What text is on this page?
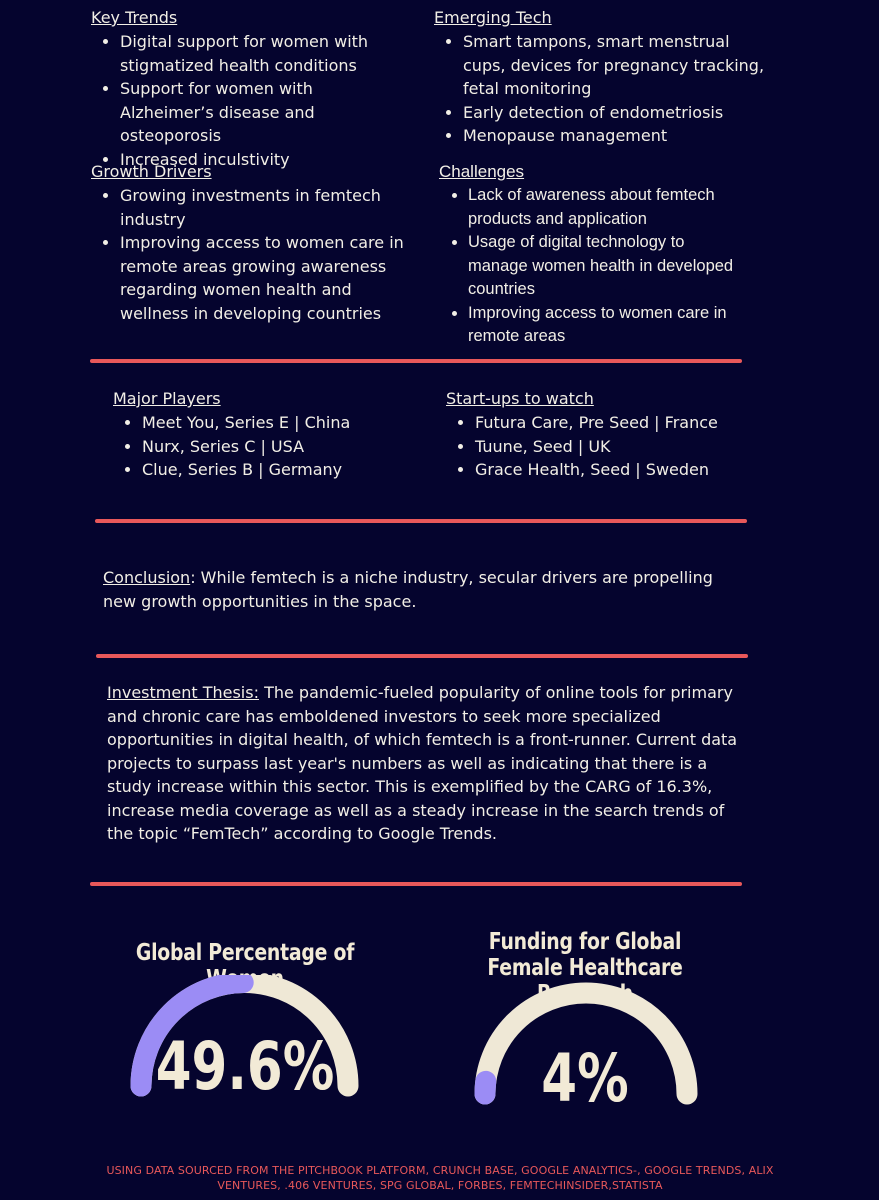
Key Trends

• Digital support for women with stigmatized health conditions
• Support for women with Alzheimer’s disease and osteoporosis
• Increased inculstivity

Emerging Tech

• Smart tampons, smart menstrual cups, devices for pregnancy tracking, fetal monitoring
• Early detection of endometriosis
• Menopause management

Growth Drivers

• Growing investments in femtech industry
• Improving access to women care in remote areas growing awareness regarding women health and wellness in developing countries

Challenges

• Lack of awareness about femtech products and application
• Usage of digital technology to manage women health in developed countries
• Improving access to women care in remote areas

Major Players

• Meet You, Series E | China
• Nurx, Series C | USA
• Clue, Series B | Germany

Start-ups to watch

• Futura Care, Pre Seed | France
• Tuune, Seed | UK
• Grace Health, Seed | Sweden

Conclusion: While femtech is a niche industry, secular drivers are propelling new growth opportunities in the space.

Investment Thesis: The pandemic-fueled popularity of online tools for primary and chronic care has emboldened investors to seek more specialized opportunities in digital health, of which femtech is a front-runner. Current data projects to surpass last year's numbers as well as indicating that there is a study increase within this sector. This is exemplified by the CARG of 16.3%, increase media coverage as well as a steady increase in the search trends of the topic “FemTech” according to Google Trends.

Global Percentage of Women
49.6%
Funding for Global Female Healthcare Research
4%
USING DATA SOURCED FROM THE PITCHBOOK PLATFORM, CRUNCH BASE, GOOGLE ANALYTICS-, GOOGLE TRENDS, ALIX VENTURES, .406 VENTURES, SPG GLOBAL, FORBES, FEMTECHINSIDER,STATISTA
